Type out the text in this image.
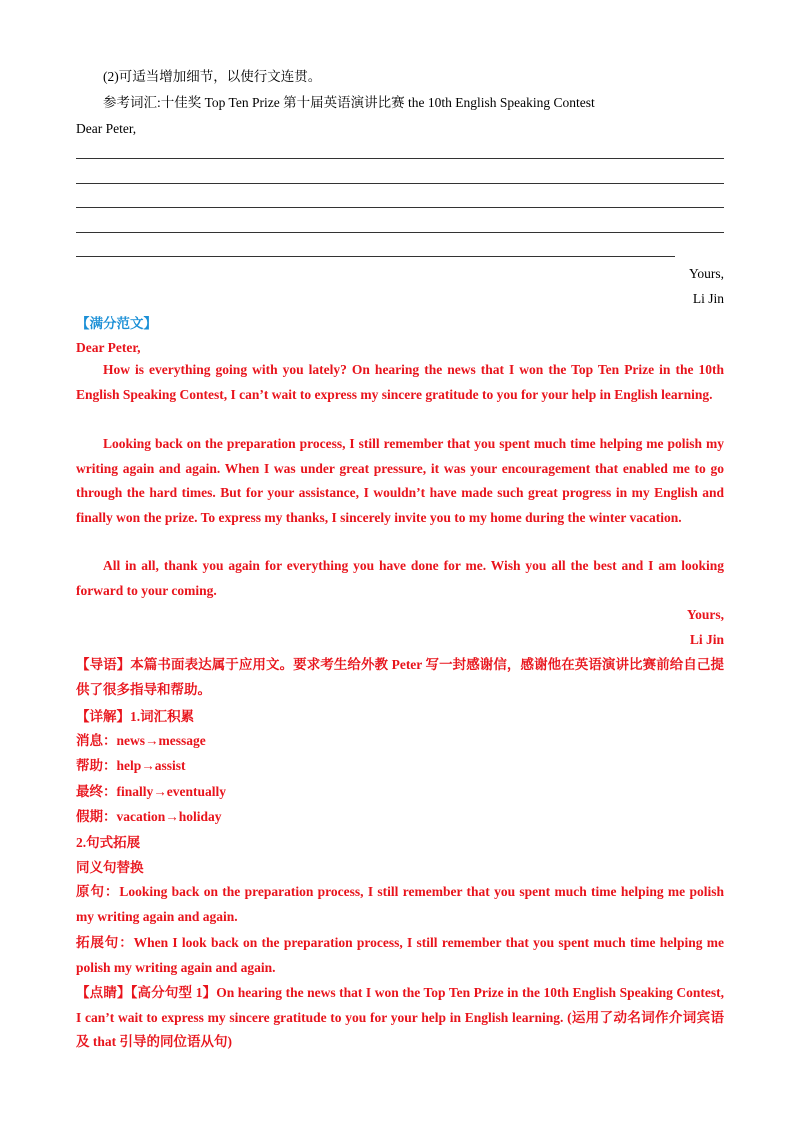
(2)可适当增加细节，以使行文连贯。
参考词汇:十佳奖 Top Ten Prize 第十届英语演讲比赛 the 10th English Speaking Contest
Dear Peter,
Yours,
Li Jin
【满分范文】
Dear Peter,
How is everything going with you lately? On hearing the news that I won the Top Ten Prize in the 10th English Speaking Contest, I can’t wait to express my sincere gratitude to you for your help in English learning.
Looking back on the preparation process, I still remember that you spent much time helping me polish my writing again and again. When I was under great pressure, it was your encouragement that enabled me to go through the hard times. But for your assistance, I wouldn’t have made such great progress in my English and finally won the prize. To express my thanks, I sincerely invite you to my home during the winter vacation.
All in all, thank you again for everything you have done for me. Wish you all the best and I am looking forward to your coming.
Yours,
Li Jin
【导语】本篇书面表达属于应用文。要求考生给外教 Peter 写一封感谢信，感谢他在英语演讲比赛前给自己提供了很多指导和帮助。
【详解】1.词汇积累
消息：news→message
帮助：help→assist
最终：finally→eventually
假期：vacation→holiday
2.句式拓展
同义句替换
原句：Looking back on the preparation process, I still remember that you spent much time helping me polish my writing again and again.
拓展句：When I look back on the preparation process, I still remember that you spent much time helping me polish my writing again and again.
【点睛】【高分句型 1】On hearing the news that I won the Top Ten Prize in the 10th English Speaking Contest, I can’t wait to express my sincere gratitude to you for your help in English learning. (运用了动名词作介词宾语及 that 引导的同位语从句)
